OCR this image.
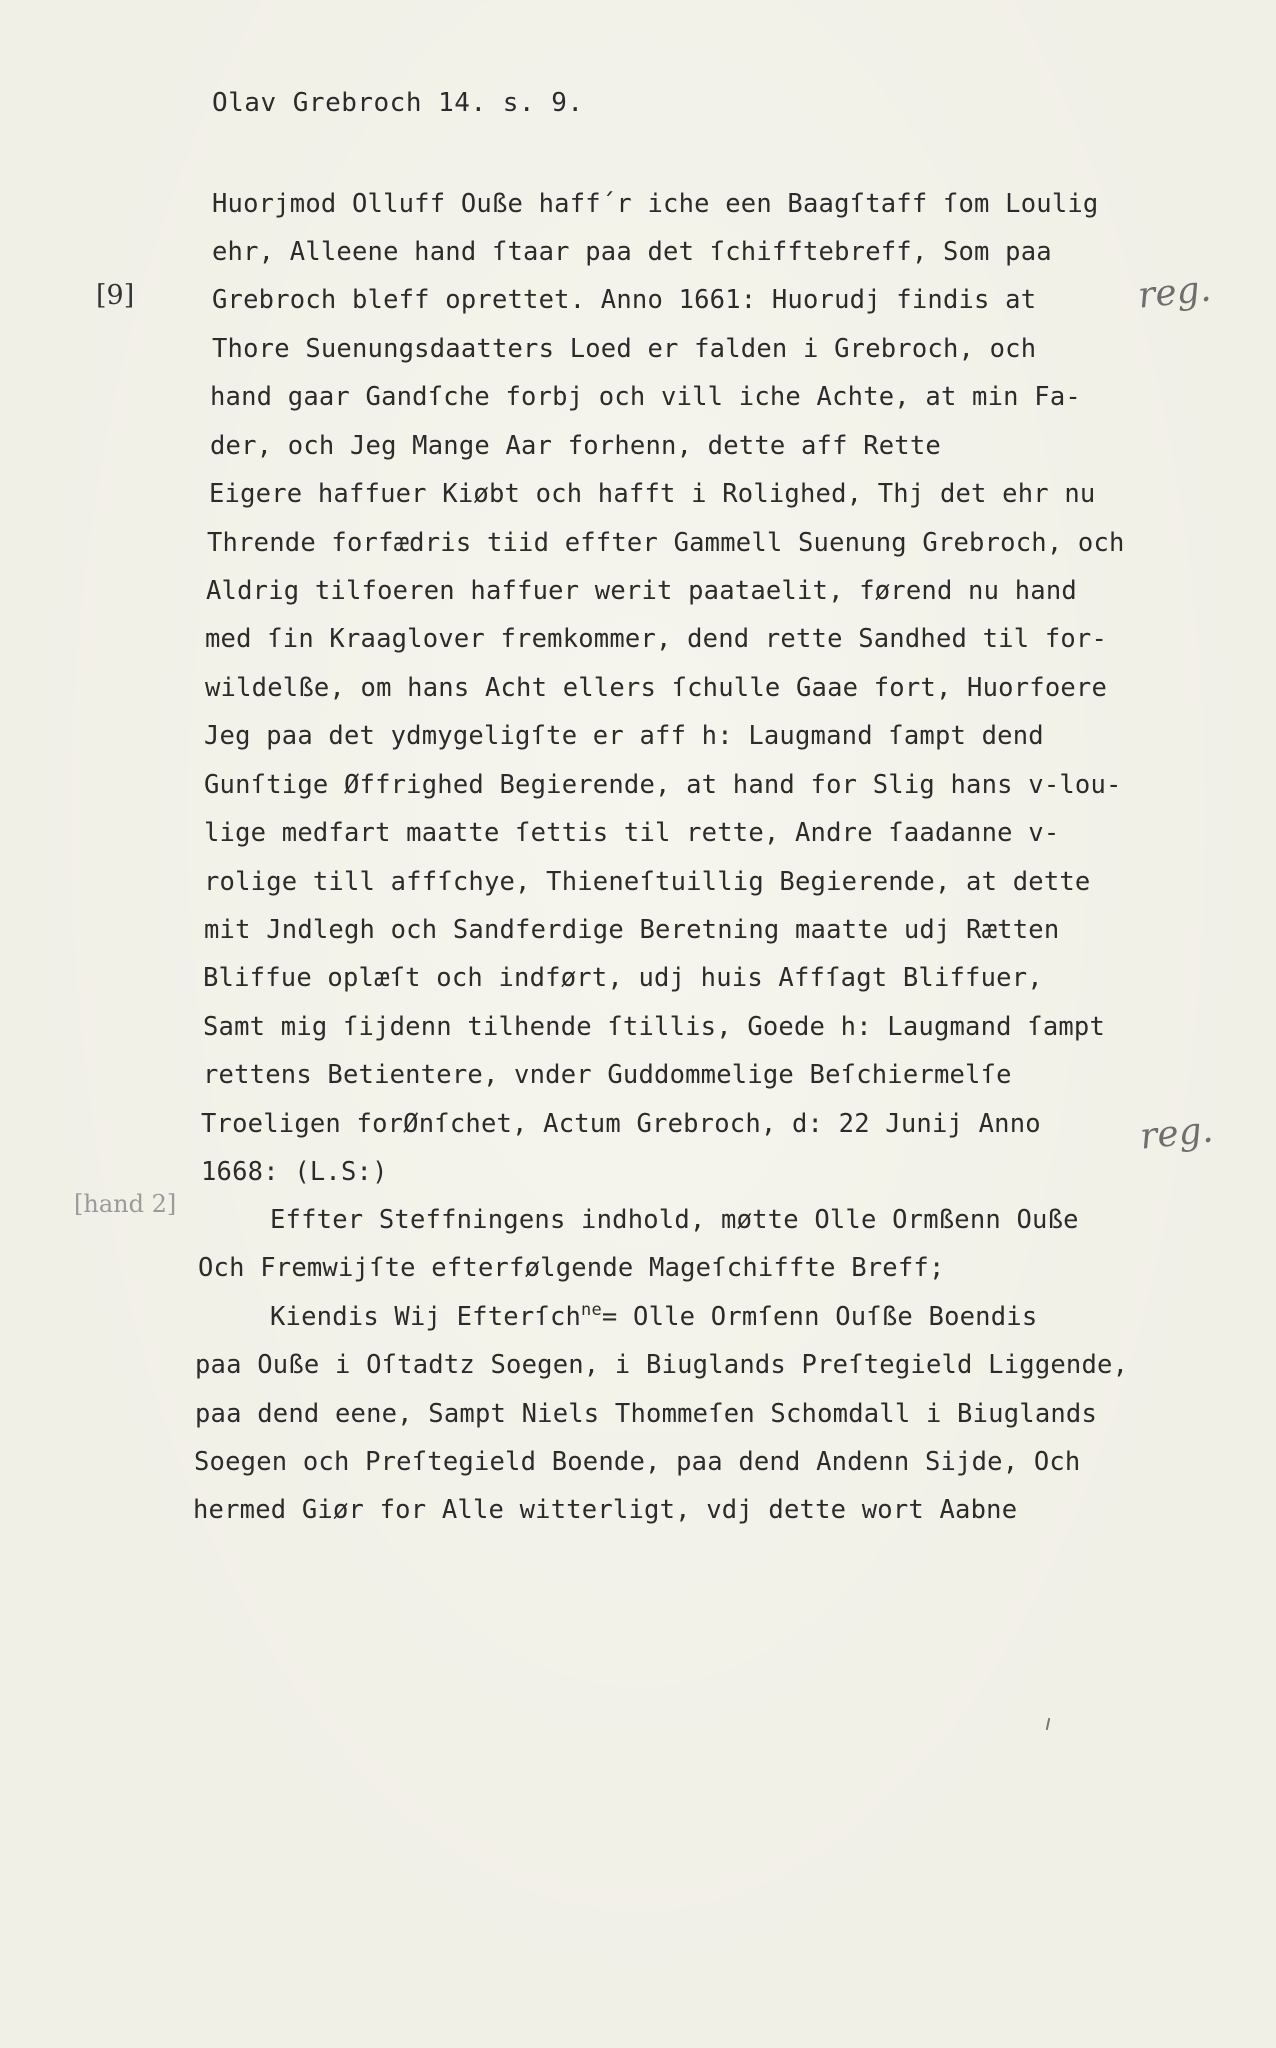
Olav Grebroch 14. s. 9.
[9]
[hand 2]
reg.
reg.
Huorjmod Olluff Ouße haff´r iche een Baagſtaff ſom Loulig
ehr, Alleene hand ſtaar paa det ſchifftebreff, Som paa
Grebroch bleff oprettet. Anno 1661: Huorudj findis at
Thore Suenungsdaatters Loed er falden i Grebroch, och
hand gaar Gandſche forbj och vill iche Achte, at min Fa-
der, och Jeg Mange Aar forhenn, dette aff Rette
Eigere haffuer Kiøbt och hafft i Rolighed, Thj det ehr nu
Thrende forfædris tiid effter Gammell Suenung Grebroch, och
Aldrig tilfoeren haffuer werit paataelit, førend nu hand
med ſin Kraaglover fremkommer, dend rette Sandhed til for-
wildelße, om hans Acht ellers ſchulle Gaae fort, Huorfoere
Jeg paa det ydmygeligſte er aff h: Laugmand ſampt dend
Gunſtige Øffrighed Begierende, at hand for Slig hans v-lou-
lige medfart maatte ſettis til rette, Andre ſaadanne v-
rolige till affſchye, Thieneſtuillig Begierende, at dette
mit Jndlegh och Sandferdige Beretning maatte udj Rætten
Bliffue oplæſt och indført, udj huis Affſagt Bliffuer,
Samt mig ſijdenn tilhende ſtillis, Goede h: Laugmand ſampt
rettens Betientere, vnder Guddommelige Beſchiermelſe
Troeligen forØnſchet, Actum Grebroch, d: 22 Junij Anno
1668: (L.S:)
Effter Steffningens indhold, møtte Olle Ormßenn Ouße
Och Fremwijſte efterfølgende Mageſchiffte Breff;
Kiendis Wij Efterſch$^{ne}$= Olle Ormſenn Ouſße Boendis
paa Ouße i Oſtadtz Soegen, i Biuglands Preſtegield Liggende,
paa dend eene, Sampt Niels Thommeſen Schomdall i Biuglands
Soegen och Preſtegield Boende, paa dend Andenn Sijde, Och
hermed Giør for Alle witterligt, vdj dette wort Aabne
